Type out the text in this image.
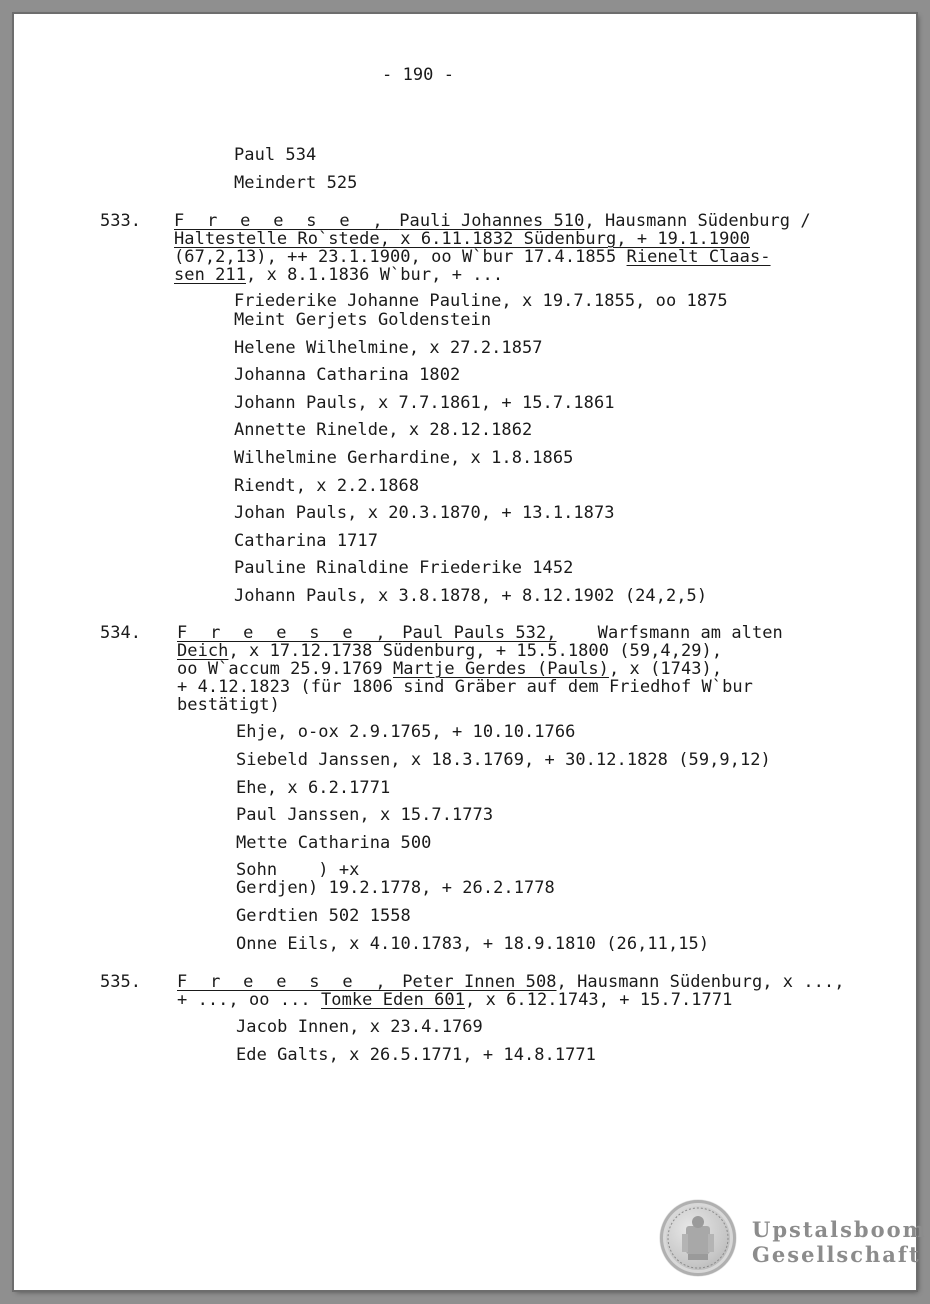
- 190 -
Paul 534
Meindert 525
533. F r e e s e , Pauli Johannes 510, Hausmann Südenburg /
Haltestelle Ro`stede, x 6.11.1832 Südenburg, + 19.1.1900
(67,2,13), ++ 23.1.1900, oo W`bur 17.4.1855 Rienelt Claas-
sen 211, x 8.1.1836 W`bur, + ...
Friederike Johanne Pauline, x 19.7.1855, oo 1875
Meint Gerjets Goldenstein
Helene Wilhelmine, x 27.2.1857
Johanna Catharina 1802
Johann Pauls, x 7.7.1861, + 15.7.1861
Annette Rinelde, x 28.12.1862
Wilhelmine Gerhardine, x 1.8.1865
Riendt, x 2.2.1868
Johan Pauls, x 20.3.1870, + 13.1.1873
Catharina 1717
Pauline Rinaldine Friederike 1452
Johann Pauls, x 3.8.1878, + 8.12.1902 (24,2,5)
534. F r e e s e , Paul Pauls 532,    Warfsmann am alten
Deich, x 17.12.1738 Südenburg, + 15.5.1800 (59,4,29),
oo W`accum 25.9.1769 Martje Gerdes (Pauls), x (1743),
+ 4.12.1823 (für 1806 sind Gräber auf dem Friedhof W`bur
bestätigt)
Ehje, o-ox 2.9.1765, + 10.10.1766
Siebeld Janssen, x 18.3.1769, + 30.12.1828 (59,9,12)
Ehe, x 6.2.1771
Paul Janssen, x 15.7.1773
Mette Catharina 500
Sohn    ) +x
Gerdjen) 19.2.1778, + 26.2.1778
Gerdtien 502 1558
Onne Eils, x 4.10.1783, + 18.9.1810 (26,11,15)
535. F r e e s e , Peter Innen 508, Hausmann Südenburg, x ...,
+ ..., oo ... Tomke Eden 601, x 6.12.1743, + 15.7.1771
Jacob Innen, x 23.4.1769
Ede Galts, x 26.5.1771, + 14.8.1771
Upstalsboom
Gesellschaft
